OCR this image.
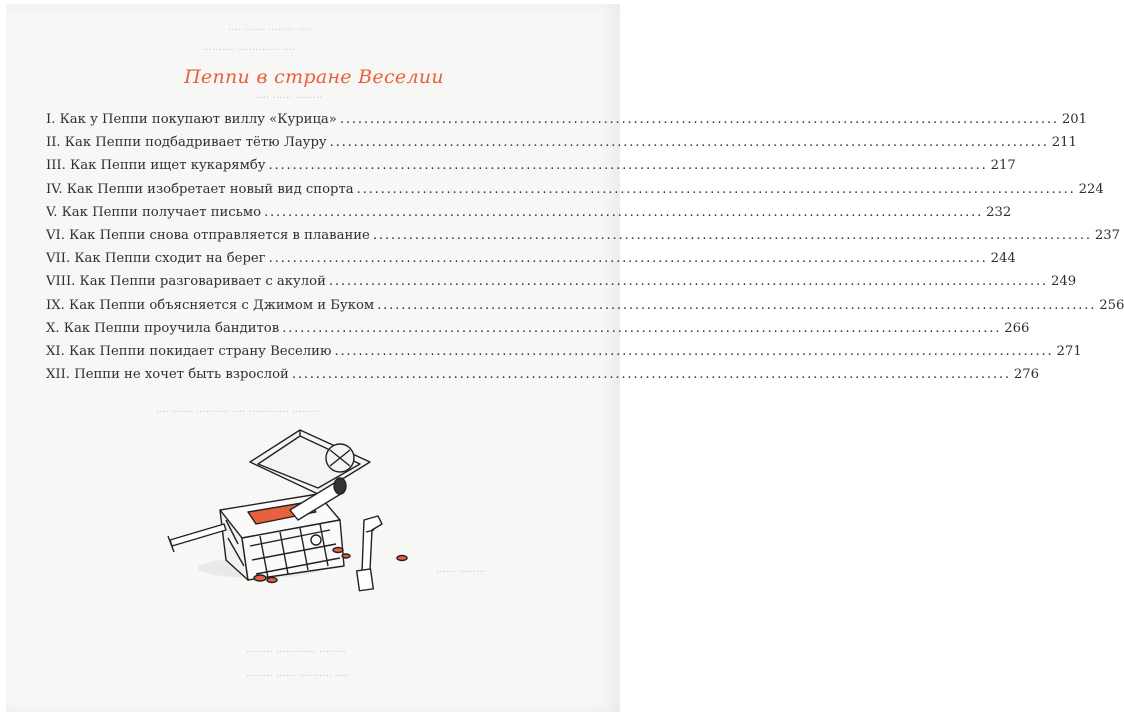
‥‥ ‥‥‥ ‥‥‥‥ ‥‥
‥‥‥‥‥ ‥‥‥‥‥‥ ‥‥
‥‥ ‥‥‥ ‥‥‥‥
‥‥ ‥‥‥ ‥‥‥‥‥ ‥‥ ‥‥‥‥‥‥ ‥‥‥‥
‥‥‥ ‥‥‥‥
‥‥‥‥ ‥‥‥‥‥‥ ‥‥‥‥
‥‥‥‥ ‥‥‥ ‥‥‥‥‥ ‥‥
Пеппи в стране Веселии
I. Как у Пеппи покупают виллу «Курица» ........................................................................................................................ 201
II. Как Пеппи подбадривает тётю Лауру ........................................................................................................................ 211
III. Как Пеппи ищет кукарямбу ........................................................................................................................ 217
IV. Как Пеппи изобретает новый вид спорта ........................................................................................................................ 224
V. Как Пеппи получает письмо ........................................................................................................................ 232
VI. Как Пеппи снова отправляется в плавание ........................................................................................................................ 237
VII. Как Пеппи сходит на берег ........................................................................................................................ 244
VIII. Как Пеппи разговаривает с акулой ........................................................................................................................ 249
IX. Как Пеппи объясняется с Джимом и Буком ........................................................................................................................ 256
X. Как Пеппи проучила бандитов ........................................................................................................................ 266
XI. Как Пеппи покидает страну Веселию ........................................................................................................................ 271
XII. Пеппи не хочет быть взрослой ........................................................................................................................ 276
